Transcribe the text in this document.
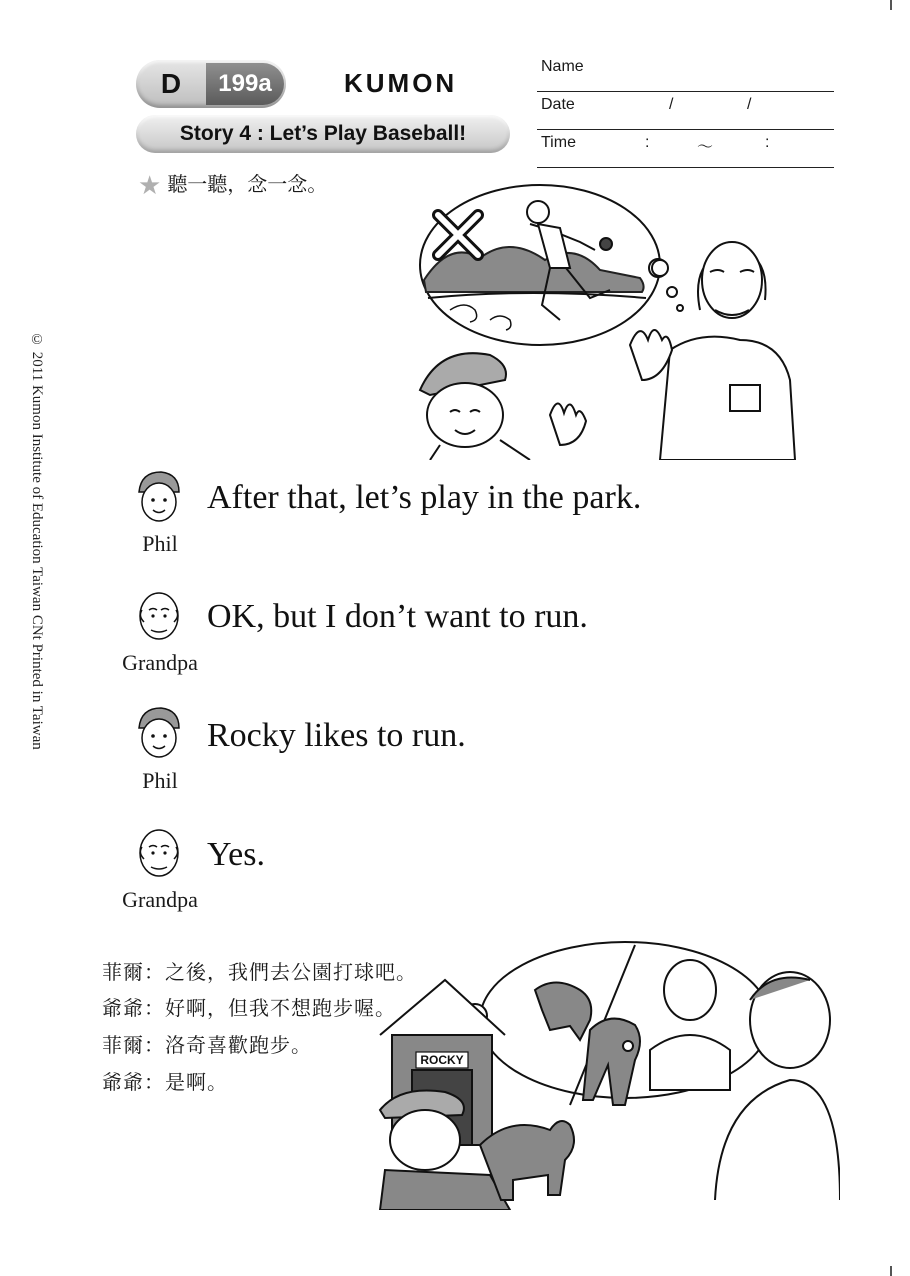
D	199a	KUMON
Story 4 : Let’s Play Baseball!
Name
Date	/	/
Time	:	〜	:
★ 聽一聽，念一念。
© 2011 Kumon Institute of Education Taiwan CNt Printed in Taiwan	Phil
After that, let’s play in the park.
Grandpa
OK, but I don’t want to run.
Phil
Rocky likes to run.
Grandpa
Yes.
菲爾：之後，我們去公園打球吧。
爺爺：好啊，但我不想跑步喔。
菲爾：洛奇喜歡跑步。
爺爺：是啊。
ROCKY
